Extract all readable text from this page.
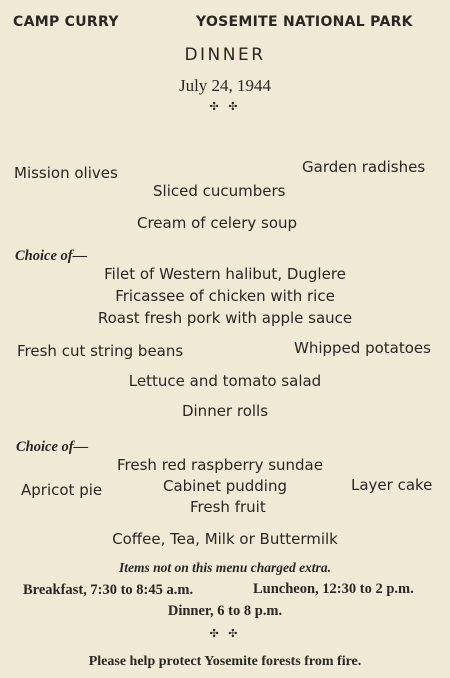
CAMP CURRY	YOSEMITE NATIONAL PARK
DINNER
July 24, 1944
✣ ✣
Mission olives	Garden radishes
Sliced cucumbers
Cream of celery soup
Choice of—
Filet of Western halibut, Duglere
Fricassee of chicken with rice
Roast fresh pork with apple sauce
Fresh cut string beans	Whipped potatoes
Lettuce and tomato salad
Dinner rolls
Choice of—
Fresh red raspberry sundae
Apricot pie	Cabinet pudding	Layer cake
Fresh fruit
Coffee, Tea, Milk or Buttermilk
Items not on this menu charged extra.
Breakfast, 7:30 to 8:45 a.m.	Luncheon, 12:30 to 2 p.m.
Dinner, 6 to 8 p.m.
✣ ✣
Please help protect Yosemite forests from fire.
